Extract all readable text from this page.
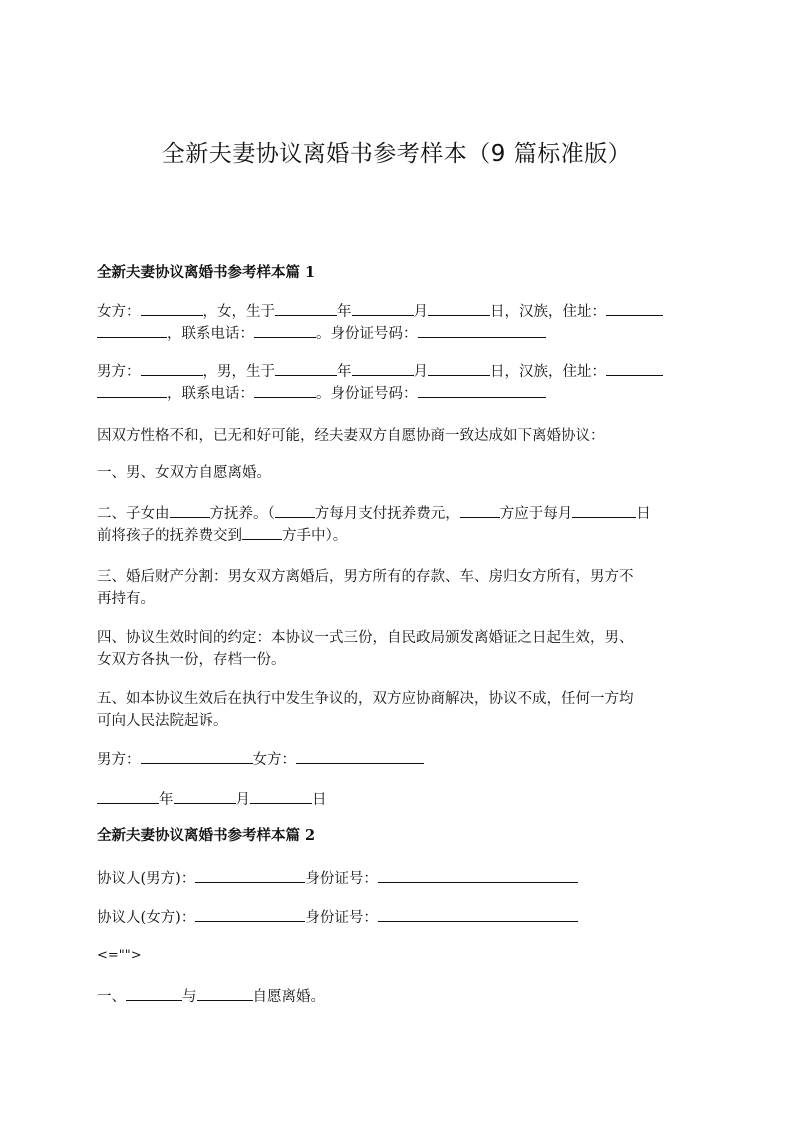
全新夫妻协议离婚书参考样本（9 篇标准版）
全新夫妻协议离婚书参考样本篇 1
女方：	，女，生于	年	月	日，汉族，住址：
，联系电话：	。身份证号码：
男方：	，男，生于	年	月	日，汉族，住址：
，联系电话：	。身份证号码：
因双方性格不和，已无和好可能，经夫妻双方自愿协商一致达成如下离婚协议：
一、男、女双方自愿离婚。
二、子女由	方抚养。（	方每月支付抚养费元，	方应于每月	日
前将孩子的抚养费交到	方手中）。
三、婚后财产分割：男女双方离婚后，男方所有的存款、车、房归女方所有，男方不
再持有。
四、协议生效时间的约定：本协议一式三份，自民政局颁发离婚证之日起生效，男、
女双方各执一份，存档一份。
五、如本协议生效后在执行中发生争议的，双方应协商解决，协议不成，任何一方均
可向人民法院起诉。
男方：	女方：
年	月	日
全新夫妻协议离婚书参考样本篇 2
协议人(男方)：	身份证号：
协议人(女方)：	身份证号：
<="">
一、	与	自愿离婚。
